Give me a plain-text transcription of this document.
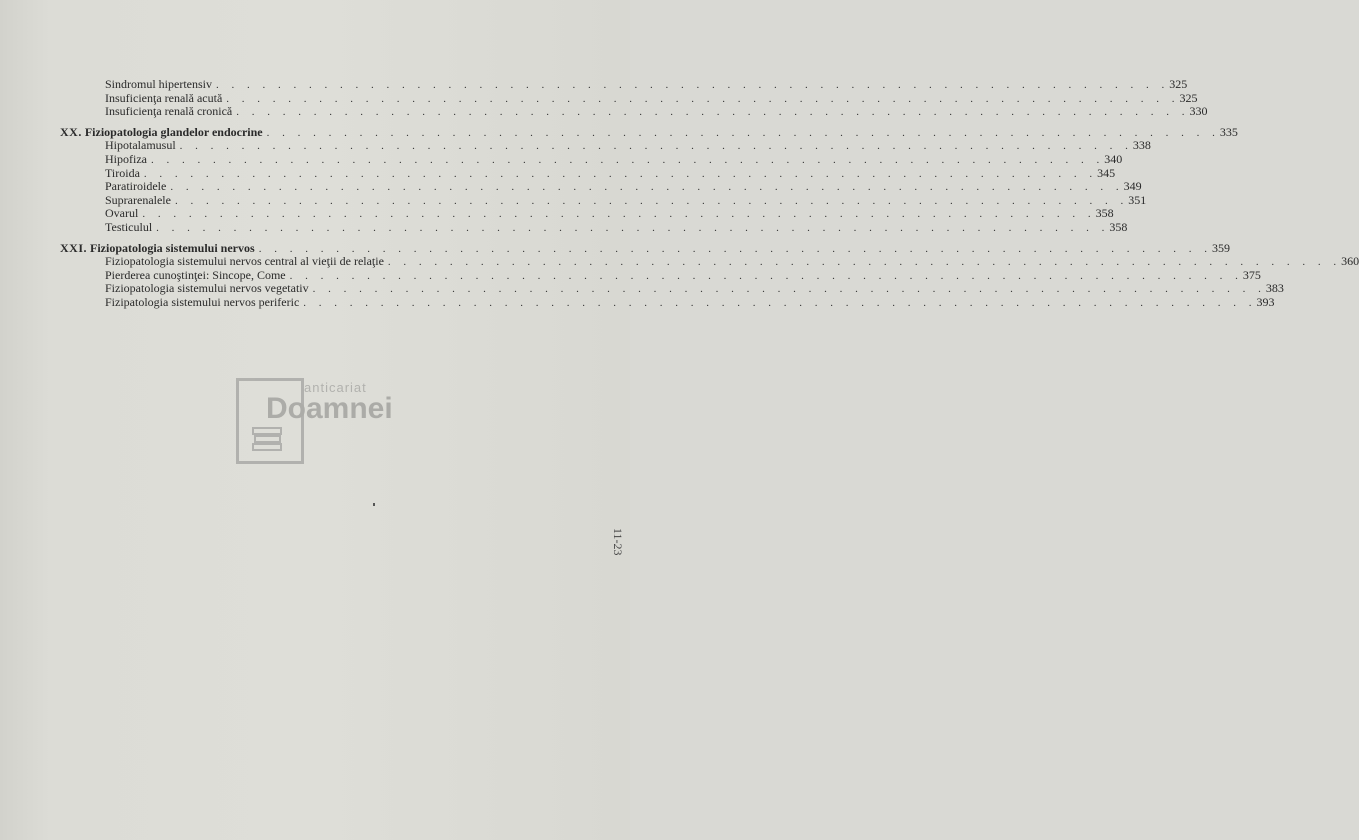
Sindromul hipertensiv . . . . . . . . . . . . . . . . . . . . . . . . . . . . . . . . . . . . . . . . . . . . . . . . . . . . . . . . . . . . . . 325
Insuficienţa renală acută . . . . . . . . . . . . . . . . . . . . . . . . . . . . . . . . . . . . . . . . . . . . . . . . . . . . . . . . . . . . . . 325
Insuficienţa renală cronică . . . . . . . . . . . . . . . . . . . . . . . . . . . . . . . . . . . . . . . . . . . . . . . . . . . . . . . . . . . . . . 330
XX. Fiziopatologia glandelor endocrine . . . . . . . . . . . . . . . . . . . . . . . . . . . . . . . . . . . . . . . . . . . . . . . . . . . . . . . . . . . . . . 335
Hipotalamusul . . . . . . . . . . . . . . . . . . . . . . . . . . . . . . . . . . . . . . . . . . . . . . . . . . . . . . . . . . . . . . 338
Hipofiza . . . . . . . . . . . . . . . . . . . . . . . . . . . . . . . . . . . . . . . . . . . . . . . . . . . . . . . . . . . . . . 340
Tiroida . . . . . . . . . . . . . . . . . . . . . . . . . . . . . . . . . . . . . . . . . . . . . . . . . . . . . . . . . . . . . . 345
Paratiroidele . . . . . . . . . . . . . . . . . . . . . . . . . . . . . . . . . . . . . . . . . . . . . . . . . . . . . . . . . . . . . . 349
Suprarenalele . . . . . . . . . . . . . . . . . . . . . . . . . . . . . . . . . . . . . . . . . . . . . . . . . . . . . . . . . . . . . . 351
Ovarul . . . . . . . . . . . . . . . . . . . . . . . . . . . . . . . . . . . . . . . . . . . . . . . . . . . . . . . . . . . . . . 358
Testiculul . . . . . . . . . . . . . . . . . . . . . . . . . . . . . . . . . . . . . . . . . . . . . . . . . . . . . . . . . . . . . . 358
XXI. Fiziopatologia sistemului nervos . . . . . . . . . . . . . . . . . . . . . . . . . . . . . . . . . . . . . . . . . . . . . . . . . . . . . . . . . . . . . . 359
Fiziopatologia sistemului nervos central al vieţii de relaţie . . . . . . . . . . . . . . . . . . . . . . . . . . . . . . . . . . . . . . . . . . . . . . . . . . . . . . . . . . . . . . 360
Pierderea cunoştinţei: Sincope, Come . . . . . . . . . . . . . . . . . . . . . . . . . . . . . . . . . . . . . . . . . . . . . . . . . . . . . . . . . . . . . . 375
Fiziopatologia sistemului nervos vegetativ . . . . . . . . . . . . . . . . . . . . . . . . . . . . . . . . . . . . . . . . . . . . . . . . . . . . . . . . . . . . . . 383
Fizipatologia sistemului nervos periferic . . . . . . . . . . . . . . . . . . . . . . . . . . . . . . . . . . . . . . . . . . . . . . . . . . . . . . . . . . . . . . 393
anticariat
Doamnei
11-23
